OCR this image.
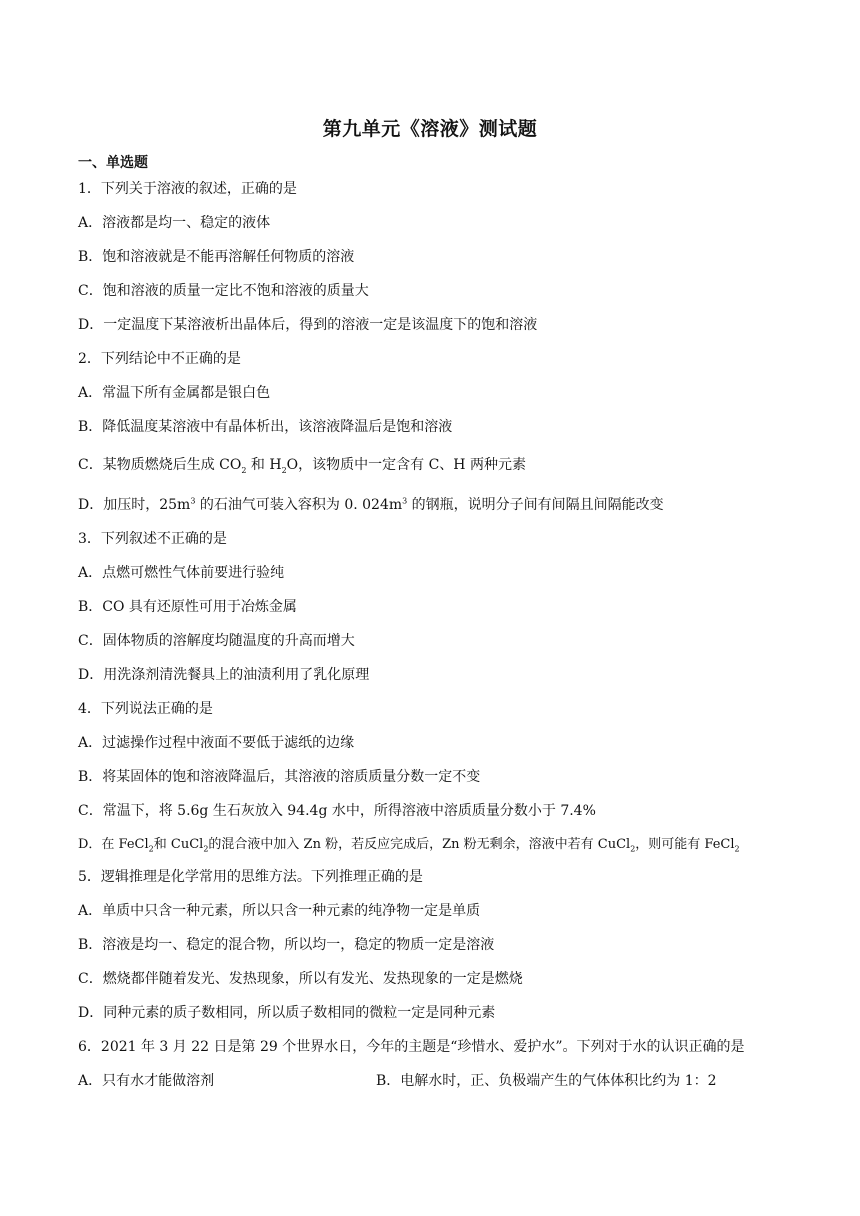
第九单元《溶液》测试题
一、单选题
1．下列关于溶液的叙述，正确的是
A．溶液都是均一、稳定的液体
B．饱和溶液就是不能再溶解任何物质的溶液
C．饱和溶液的质量一定比不饱和溶液的质量大
D．一定温度下某溶液析出晶体后，得到的溶液一定是该温度下的饱和溶液
2．下列结论中不正确的是
A．常温下所有金属都是银白色
B．降低温度某溶液中有晶体析出，该溶液降温后是饱和溶液
C．某物质燃烧后生成 $CO_2$ 和 $H_2O$，该物质中一定含有 C、H 两种元素
D．加压时，$25m^3$ 的石油气可装入容积为 0. $024m^3$ 的钢瓶，说明分子间有间隔且间隔能改变
3．下列叙述不正确的是
A．点燃可燃性气体前要进行验纯
B．CO 具有还原性可用于冶炼金属
C．固体物质的溶解度均随温度的升高而增大
D．用洗涤剂清洗餐具上的油渍利用了乳化原理
4．下列说法正确的是
A．过滤操作过程中液面不要低于滤纸的边缘
B．将某固体的饱和溶液降温后，其溶液的溶质质量分数一定不变
C．常温下，将 5.6g 生石灰放入 94.4g 水中，所得溶液中溶质质量分数小于 7.4%
D．在 FeCl$_2$和 CuCl$_2$的混合液中加入 Zn 粉，若反应完成后，Zn 粉无剩余，溶液中若有 CuCl$_2$，则可能有 FeCl$_2$
5．逻辑推理是化学常用的思维方法。下列推理正确的是
A．单质中只含一种元素，所以只含一种元素的纯净物一定是单质
B．溶液是均一、稳定的混合物，所以均一，稳定的物质一定是溶液
C．燃烧都伴随着发光、发热现象，所以有发光、发热现象的一定是燃烧
D．同种元素的质子数相同，所以质子数相同的微粒一定是同种元素
6．2021 年 3 月 22 日是第 29 个世界水日，今年的主题是“珍惜水、爱护水”。下列对于水的认识正确的是
A．只有水才能做溶剂	B．电解水时，正、负极端产生的气体体积比约为 1：2
